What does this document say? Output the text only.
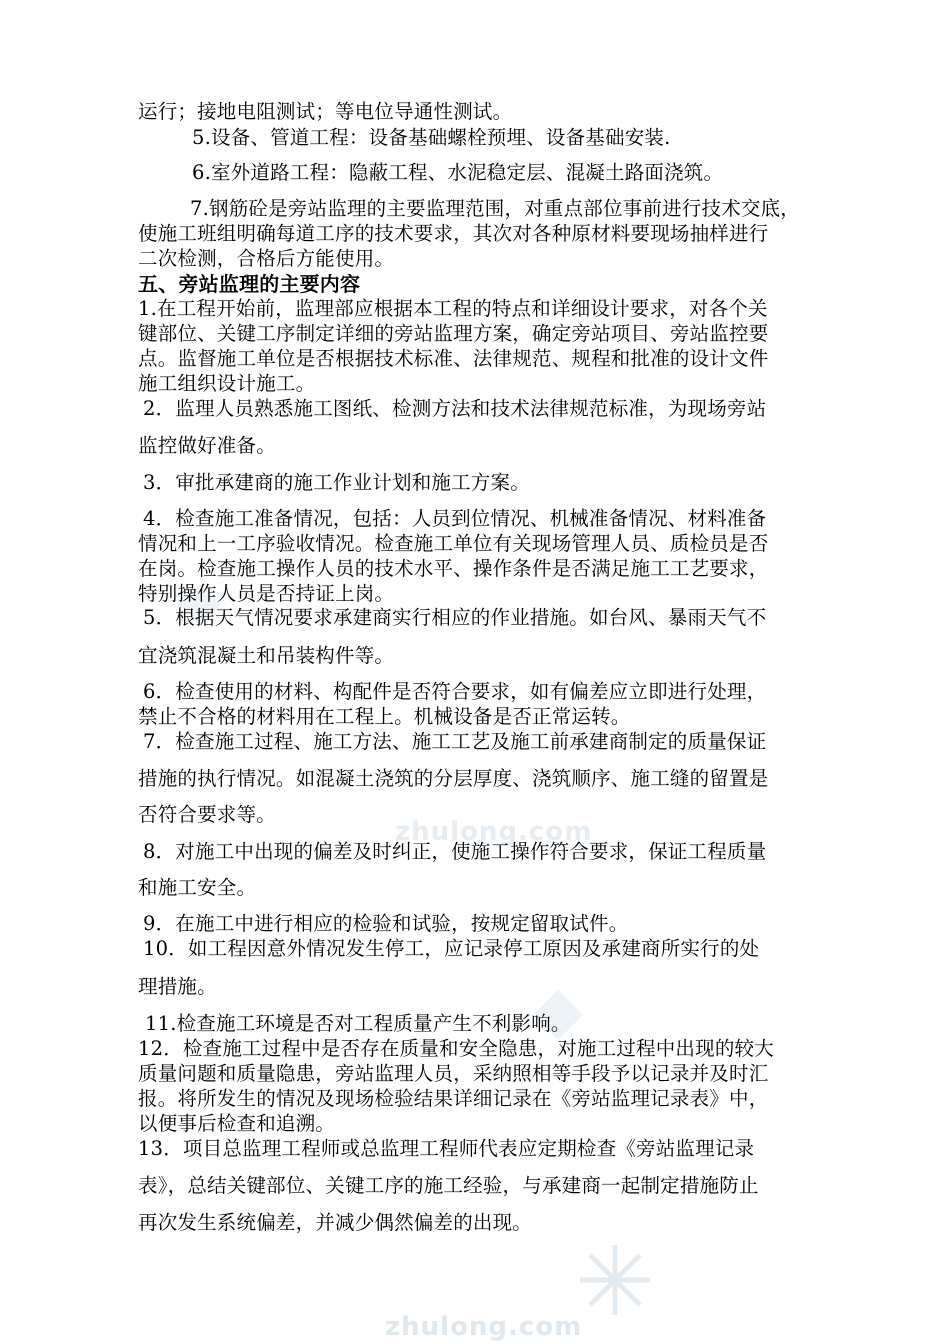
zhulong.com
zhulong.com
运行；接地电阻测试；等电位导通性测试。
5.设备、管道工程：设备基础螺栓预埋、设备基础安装.
6.室外道路工程：隐蔽工程、水泥稳定层、混凝土路面浇筑。
7.钢筋砼是旁站监理的主要监理范围，对重点部位事前进行技术交底，
使施工班组明确每道工序的技术要求，其次对各种原材料要现场抽样进行
二次检测，合格后方能使用。
五、旁站监理的主要内容
1.在工程开始前，监理部应根据本工程的特点和详细设计要求，对各个关
键部位、关键工序制定详细的旁站监理方案，确定旁站项目、旁站监控要
点。监督施工单位是否根据技术标准、法律规范、规程和批准的设计文件
施工组织设计施工。
2．监理人员熟悉施工图纸、检测方法和技术法律规范标准，为现场旁站
监控做好准备。
3．审批承建商的施工作业计划和施工方案。
4．检查施工准备情况，包括：人员到位情况、机械准备情况、材料准备
情况和上一工序验收情况。检查施工单位有关现场管理人员、质检员是否
在岗。检查施工操作人员的技术水平、操作条件是否满足施工工艺要求，
特别操作人员是否持证上岗。
5．根据天气情况要求承建商实行相应的作业措施。如台风、暴雨天气不
宜浇筑混凝土和吊装构件等。
6．检查使用的材料、构配件是否符合要求，如有偏差应立即进行处理，
禁止不合格的材料用在工程上。机械设备是否正常运转。
7．检查施工过程、施工方法、施工工艺及施工前承建商制定的质量保证
措施的执行情况。如混凝土浇筑的分层厚度、浇筑顺序、施工缝的留置是
否符合要求等。
8．对施工中出现的偏差及时纠正，使施工操作符合要求，保证工程质量
和施工安全。
9．在施工中进行相应的检验和试验，按规定留取试件。
10．如工程因意外情况发生停工，应记录停工原因及承建商所实行的处
理措施。
11.检查施工环境是否对工程质量产生不利影响。
12．检查施工过程中是否存在质量和安全隐患，对施工过程中出现的较大
质量问题和质量隐患，旁站监理人员，采纳照相等手段予以记录并及时汇
报。将所发生的情况及现场检验结果详细记录在《旁站监理记录表》中，
以便事后检查和追溯。
13．项目总监理工程师或总监理工程师代表应定期检查《旁站监理记录
表》，总结关键部位、关键工序的施工经验，与承建商一起制定措施防止
再次发生系统偏差，并减少偶然偏差的出现。
